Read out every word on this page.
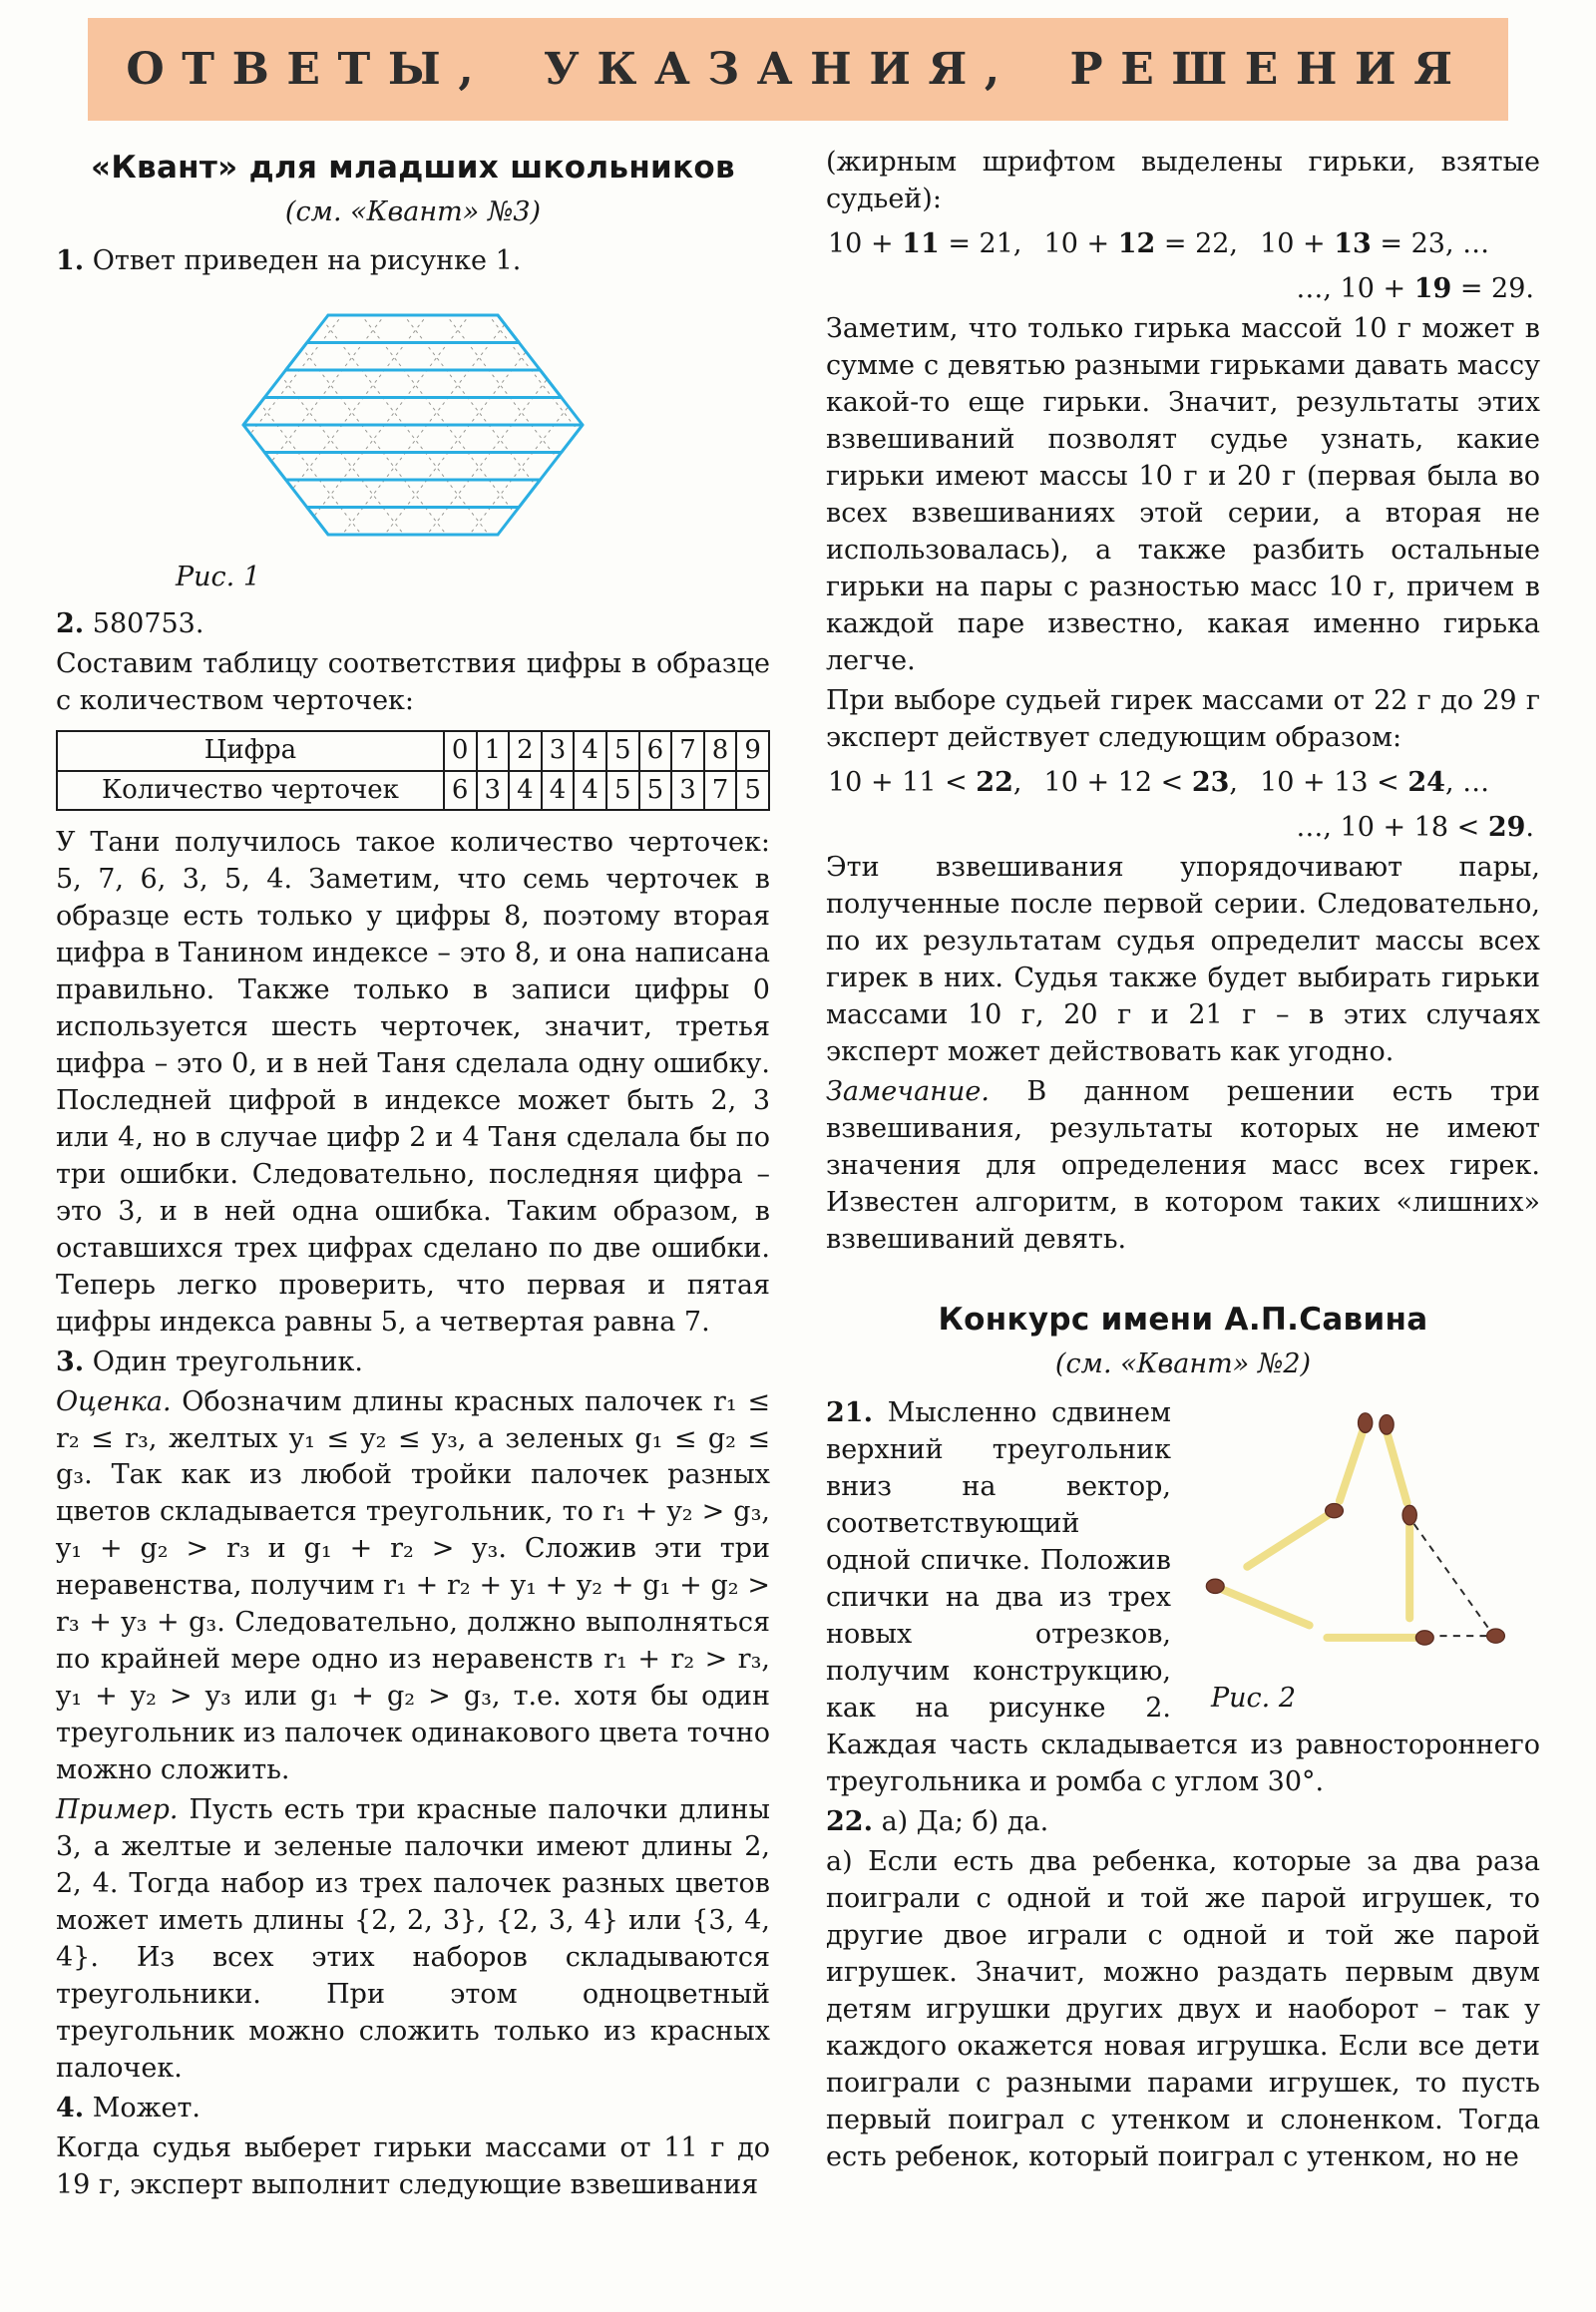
ОТВЕТЫ, УКАЗАНИЯ, РЕШЕНИЯ
«Квант» для младших школьников
(см. «Квант» №3)

1. Ответ приведен на рисунке 1.

Рис. 1

2. 580753.

Составим таблицу соответствия цифры в образце с количеством черточек:

Цифра	0	1	2	3	4	5	6	7	8	9
Количество черточек	6	3	4	4	4	5	5	3	7	5

У Тани получилось такое количество черточек: 5, 7, 6, 3, 5, 4. Заметим, что семь черточек в образце есть только у цифры 8, поэтому вторая цифра в Танином индексе – это 8, и она написана правильно. Также только в записи цифры 0 используется шесть черточек, значит, третья цифра – это 0, и в ней Таня сделала одну ошибку. Последней цифрой в индексе может быть 2, 3 или 4, но в случае цифр 2 и 4 Таня сделала бы по три ошибки. Следовательно, последняя цифра – это 3, и в ней одна ошибка. Таким образом, в оставшихся трех цифрах сделано по две ошибки. Теперь легко проверить, что первая и пятая цифры индекса равны 5, а четвертая равна 7.

3. Один треугольник.

Оценка. Обозначим длины красных палочек r₁ ≤ r₂ ≤ r₃, желтых y₁ ≤ y₂ ≤ y₃, а зеленых g₁ ≤ g₂ ≤ g₃. Так как из любой тройки палочек разных цветов складывается треугольник, то r₁ + y₂ > g₃, y₁ + g₂ > r₃ и g₁ + r₂ > y₃. Сложив эти три неравенства, получим r₁ + r₂ + y₁ + y₂ + g₁ + g₂ > r₃ + y₃ + g₃. Следовательно, должно выполняться по крайней мере одно из неравенств r₁ + r₂ > r₃, y₁ + y₂ > y₃ или g₁ + g₂ > g₃, т.е. хотя бы один треугольник из палочек одинакового цвета точно можно сложить.

Пример. Пусть есть три красные палочки длины 3, а желтые и зеленые палочки имеют длины 2, 2, 4. Тогда набор из трех палочек разных цветов может иметь длины {2, 2, 3}, {2, 3, 4} или {3, 4, 4}. Из всех этих наборов складываются треугольники. При этом одноцветный треугольник можно сложить только из красных палочек.

4. Может.

Когда судья выберет гирьки массами от 11 г до 19 г, эксперт выполнит следующие взвешивания

(жирным шрифтом выделены гирьки, взятые судьей):

10 + 11 = 21,  10 + 12 = 22,  10 + 13 = 23, …

…, 10 + 19 = 29.

Заметим, что только гирька массой 10 г может в сумме с девятью разными гирьками давать массу какой-то еще гирьки. Значит, результаты этих взвешиваний позволят судье узнать, какие гирьки имеют массы 10 г и 20 г (первая была во всех взвешиваниях этой серии, а вторая не использовалась), а также разбить остальные гирьки на пары с разностью масс 10 г, причем в каждой паре известно, какая именно гирька легче.

При выборе судьей гирек массами от 22 г до 29 г эксперт действует следующим образом:

10 + 11 < 22,  10 + 12 < 23,  10 + 13 < 24, …

…, 10 + 18 < 29.

Эти взвешивания упорядочивают пары, полученные после первой серии. Следовательно, по их результатам судья определит массы всех гирек в них. Судья также будет выбирать гирьки массами 10 г, 20 г и 21 г – в этих случаях эксперт может действовать как угодно.

Замечание. В данном решении есть три взвешивания, результаты которых не имеют значения для определения масс всех гирек. Известен алгоритм, в котором таких «лишних» взвешиваний девять.

Конкурс имени А.П.Савина
(см. «Квант» №2)
Рис. 2

21. Мысленно сдвинем верхний треугольник вниз на вектор, соответствующий одной спичке. Положив спички на два из трех новых отрезков, получим конструкцию, как на рисунке 2. Каждая часть складывается из равностороннего треугольника и ромба с углом 30°.

22. а) Да; б) да.

а) Если есть два ребенка, которые за два раза поиграли с одной и той же парой игрушек, то другие двое играли с одной и той же парой игрушек. Значит, можно раздать первым двум детям игрушки других двух и наоборот – так у каждого окажется новая игрушка. Если все дети поиграли с разными парами игрушек, то пусть первый поиграл с утенком и слоненком. Тогда есть ребенок, который поиграл с утенком, но не
